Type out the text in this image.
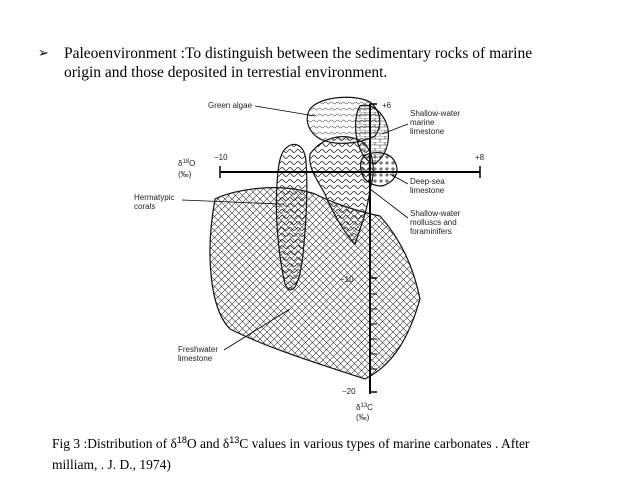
➢ Paleoenvironment :To distinguish between the sedimentary rocks of marine
origin and those deposited in terrestial environment.
−10	+8
+6
−10
−20
$\delta^{18}O$
(‰)
$\delta^{13}C$
(‰)
Green algae
Shallow-water
marine
limestone
Deep-sea
limestone
Shallow-water
molluscs and
foraminifers
Hermatypic
corals
Freshwater
limestone
Fig 3 :Distribution of $\delta^{18}O$ and $\delta^{13}C$ values in various types of marine carbonates . After
milliam, . J. D., 1974)
